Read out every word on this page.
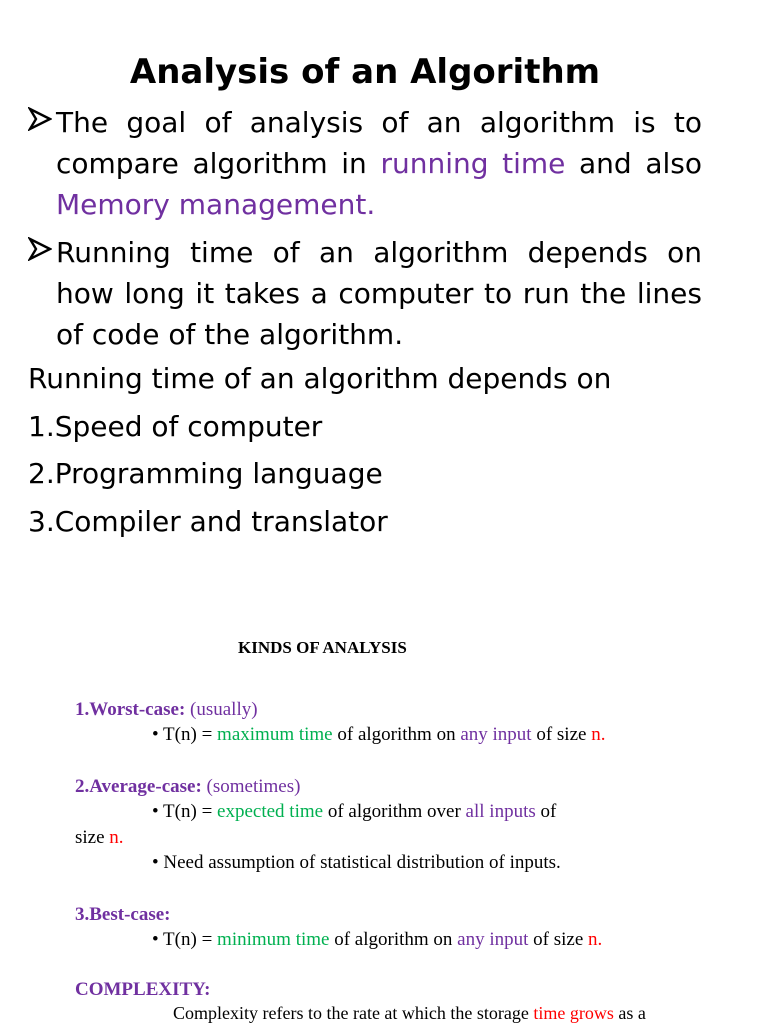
Analysis of an Algorithm
The goal of analysis of an algorithm is to compare algorithm in running time and also Memory management.
Running time of an algorithm depends on how long it takes a computer to run the lines of code of the algorithm.
Running time of an algorithm depends on
1.Speed of computer
2.Programming language
3.Compiler and translator
KINDS OF ANALYSIS
1.Worst-case: (usually)
• T(n) = maximum time of algorithm on any input of size n.
2.Average-case: (sometimes)
• T(n) = expected time of algorithm over all inputs of
size n.
• Need assumption of statistical distribution of inputs.
3.Best-case:
• T(n) = minimum time of algorithm on any input of size n.
COMPLEXITY:
Complexity refers to the rate at which the storage time grows as a
